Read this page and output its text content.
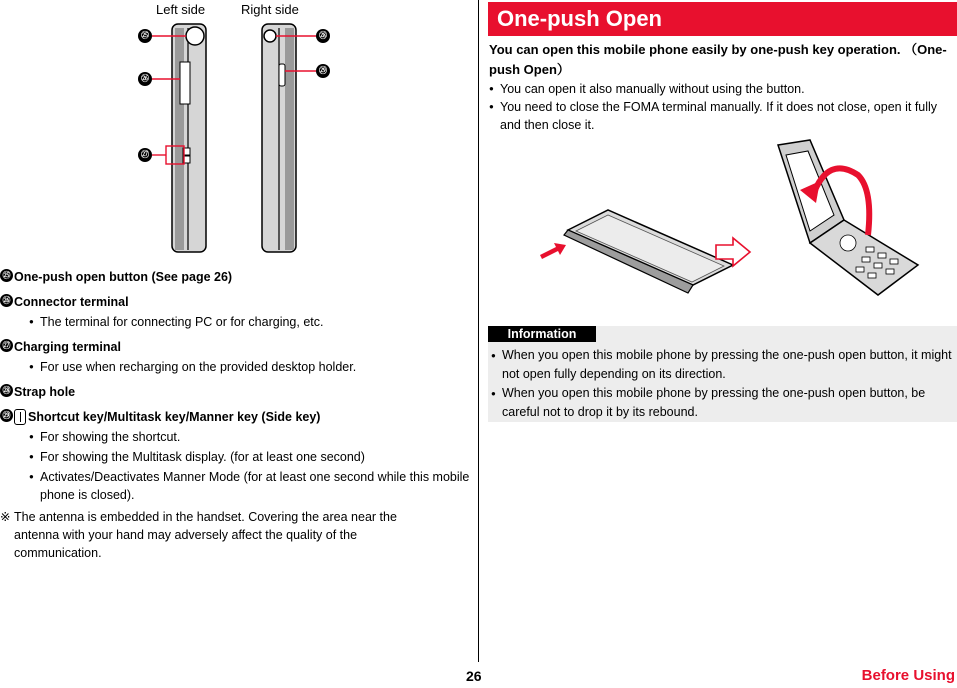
Left side	Right side
㉕
㉖
㉗
㉘
㉙
㉕ One-push open button (See page 26)
㉖ Connector terminal
● The terminal for connecting PC or for charging, etc.
㉗ Charging terminal
● For use when recharging on the provided desktop holder.
㉘ Strap hole
㉙ Shortcut key/Multitask key/Manner key (Side key)
● For showing the shortcut.
● For showing the Multitask display. (for at least one second)
● Activates/Deactivates Manner Mode (for at least one second while this mobile phone is closed).
※ The antenna is embedded in the handset. Covering the area near the antenna with your hand may adversely affect the quality of the communication.
One-push Open
You can open this mobile phone easily by one-push key operation. （One-push Open）
● You can open it also manually without using the button.
● You need to close the FOMA terminal manually. If it does not close, open it fully and then close it.
Information
● When you open this mobile phone by pressing the one-push open button, it might not open fully depending on its direction.
● When you open this mobile phone by pressing the one-push open button, be careful not to drop it by its rebound.
26	Before Using
